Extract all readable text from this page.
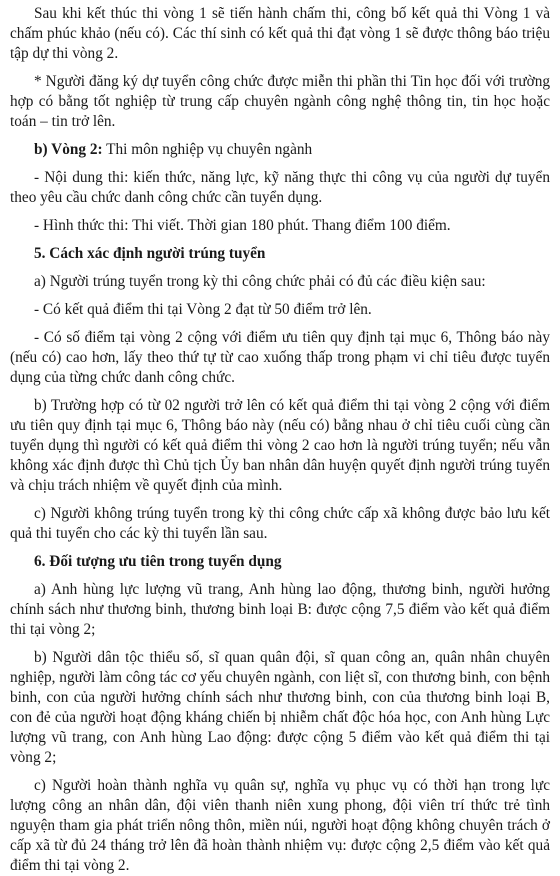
Sau khi kết thúc thi vòng 1 sẽ tiến hành chấm thi, công bố kết quả thi Vòng 1 và chấm phúc khảo (nếu có). Các thí sinh có kết quả thi đạt vòng 1 sẽ được thông báo triệu tập dự thi vòng 2.

* Người đăng ký dự tuyển công chức được miễn thi phần thi Tin học đối với trường hợp có bằng tốt nghiệp từ trung cấp chuyên ngành công nghệ thông tin, tin học hoặc toán – tin trở lên.

b) Vòng 2: Thi môn nghiệp vụ chuyên ngành

- Nội dung thi: kiến thức, năng lực, kỹ năng thực thi công vụ của người dự tuyển theo yêu cầu chức danh công chức cần tuyển dụng.

- Hình thức thi: Thi viết. Thời gian 180 phút. Thang điểm 100 điểm.

5. Cách xác định người trúng tuyển

a) Người trúng tuyển trong kỳ thi công chức phải có đủ các điều kiện sau:

- Có kết quả điểm thi tại Vòng 2 đạt từ 50 điểm trở lên.

- Có số điểm tại vòng 2 cộng với điểm ưu tiên quy định tại mục 6, Thông báo này (nếu có) cao hơn, lấy theo thứ tự từ cao xuống thấp trong phạm vi chỉ tiêu được tuyển dụng của từng chức danh công chức.

b) Trường hợp có từ 02 người trở lên có kết quả điểm thi tại vòng 2 cộng với điểm ưu tiên quy định tại mục 6, Thông báo này (nếu có) bằng nhau ở chỉ tiêu cuối cùng cần tuyển dụng thì người có kết quả điểm thi vòng 2 cao hơn là người trúng tuyển; nếu vẫn không xác định được thì Chủ tịch Ủy ban nhân dân huyện quyết định người trúng tuyển và chịu trách nhiệm về quyết định của mình.

c) Người không trúng tuyển trong kỳ thi công chức cấp xã không được bảo lưu kết quả thi tuyển cho các kỳ thi tuyển lần sau.

6. Đối tượng ưu tiên trong tuyển dụng

a) Anh hùng lực lượng vũ trang, Anh hùng lao động, thương binh, người hưởng chính sách như thương binh, thương binh loại B: được cộng 7,5 điểm vào kết quả điểm thi tại vòng 2;

b) Người dân tộc thiểu số, sĩ quan quân đội, sĩ quan công an, quân nhân chuyên nghiệp, người làm công tác cơ yếu chuyên ngành, con liệt sĩ, con thương binh, con bệnh binh, con của người hưởng chính sách như thương binh, con của thương binh loại B, con đẻ của người hoạt động kháng chiến bị nhiễm chất độc hóa học, con Anh hùng Lực lượng vũ trang, con Anh hùng Lao động: được cộng 5 điểm vào kết quả điểm thi tại vòng 2;

c) Người hoàn thành nghĩa vụ quân sự, nghĩa vụ phục vụ có thời hạn trong lực lượng công an nhân dân, đội viên thanh niên xung phong, đội viên trí thức trẻ tình nguyện tham gia phát triển nông thôn, miền núi, người hoạt động không chuyên trách ở cấp xã từ đủ 24 tháng trở lên đã hoàn thành nhiệm vụ: được cộng 2,5 điểm vào kết quả điểm thi tại vòng 2.
